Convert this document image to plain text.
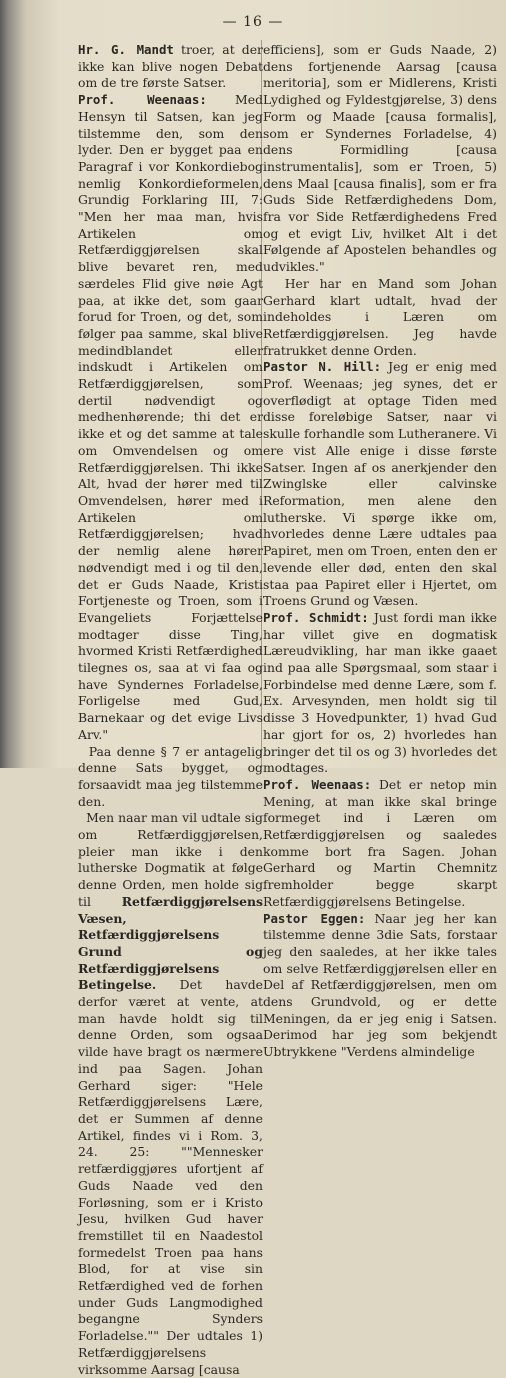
— 16 —

Hr. G. Mandt troer, at der ikke kan blive nogen Debat om de tre første Satser.

Prof. Weenaas: Med Hensyn til Satsen, kan jeg tilstemme den, som den lyder. Den er bygget paa en Paragraf i vor Konkordiebog nemlig Konkordieformelen, Grundig Forklaring III, 7: "Men her maa man, hvis Artikelen om Retfærdiggjørelsen skal blive bevaret ren, med særdeles Flid give nøie Agt paa, at ikke det, som gaar forud for Troen, og det, som følger paa samme, skal blive medindblandet eller indskudt i Artikelen om Retfærdiggjørelsen, som dertil nødvendigt og medhenhørende; thi det er ikke et og det samme at tale om Omvendelsen og om Retfærdiggjørelsen. Thi ikke Alt, hvad der hører med til Omvendelsen, hører med i Artikelen om Retfærdiggjørelsen; hvad der nemlig alene hører nødvendigt med i og til den, det er Guds Naade, Kristi Fortjeneste og Troen, som i Evangeliets Forjættelse modtager disse Ting, hvormed Kristi Retfærdighed tilegnes os, saa at vi faa og have Syndernes Forladelse, Forligelse med Gud, Barnekaar og det evige Livs Arv."

Paa denne § 7 er antagelig denne Sats bygget, og forsaavidt maa jeg tilstemme den.

Men naar man vil udtale sig om Retfærdiggjørelsen, pleier man ikke i den lutherske Dogmatik at følge denne Orden, men holde sig til Retfærdiggjørelsens Væsen, Retfærdiggjørelsens Grund og Retfærdiggjørelsens Betingelse. Det havde derfor været at vente, at man havde holdt sig til denne Orden, som ogsaa vilde have bragt os nærmere ind paa Sagen. Johan Gerhard siger: "Hele Retfærdiggjørelsens Lære, det er Summen af denne Artikel, findes vi i Rom. 3, 24. 25: ""Mennesker retfærdiggjøres ufortjent af Guds Naade ved den Forløsning, som er i Kristo Jesu, hvilken Gud haver fremstillet til en Naadestol formedelst Troen paa hans Blod, for at vise sin Retfærdighed ved de forhen under Guds Langmodighed begangne Synders Forladelse."" Der udtales 1) Retfærdiggjørelsens virksomme Aarsag [causa

efficiens], som er Guds Naade, 2) dens fortjenende Aarsag [causa meritoria], som er Midlerens, Kristi Lydighed og Fyldestgjørelse, 3) dens Form og Maade [causa formalis], som er Syndernes Forladelse, 4) dens Formidling [causa instrumentalis], som er Troen, 5) dens Maal [causa finalis], som er fra Guds Side Retfærdighedens Dom, fra vor Side Retfærdighedens Fred og et evigt Liv, hvilket Alt i det Følgende af Apostelen behandles og udvikles."

Her har en Mand som Johan Gerhard klart udtalt, hvad der indeholdes i Læren om Retfærdiggjørelsen. Jeg havde fratrukket denne Orden.

Pastor N. Hill: Jeg er enig med Prof. Weenaas; jeg synes, det er overflødigt at optage Tiden med disse foreløbige Satser, naar vi skulle forhandle som Lutheranere. Vi ere vist Alle enige i disse første Satser. Ingen af os anerkjender den Zwinglske eller calvinske Reformation, men alene den lutherske. Vi spørge ikke om, hvorledes denne Lære udtales paa Papiret, men om Troen, enten den er levende eller død, enten den skal staa paa Papiret eller i Hjertet, om Troens Grund og Væsen.

Prof. Schmidt: Just fordi man ikke har villet give en dogmatisk Læreudvikling, har man ikke gaaet ind paa alle Spørgsmaal, som staar i Forbindelse med denne Lære, som f. Ex. Arvesynden, men holdt sig til disse 3 Hovedpunkter, 1) hvad Gud har gjort for os, 2) hvorledes han bringer det til os og 3) hvorledes det modtages.

Prof. Weenaas: Det er netop min Mening, at man ikke skal bringe formeget ind i Læren om Retfærdiggjørelsen og saaledes komme bort fra Sagen. Johan Gerhard og Martin Chemnitz fremholder begge skarpt Retfærdiggjørelsens Betingelse.

Pastor Eggen: Naar jeg her kan tilstemme denne 3die Sats, forstaar jeg den saaledes, at her ikke tales om selve Retfærdiggjørelsen eller en Del af Retfærdiggjørelsen, men om dens Grundvold, og er dette Meningen, da er jeg enig i Satsen. Derimod har jeg som bekjendt Ubtrykkene "Verdens almindelige
